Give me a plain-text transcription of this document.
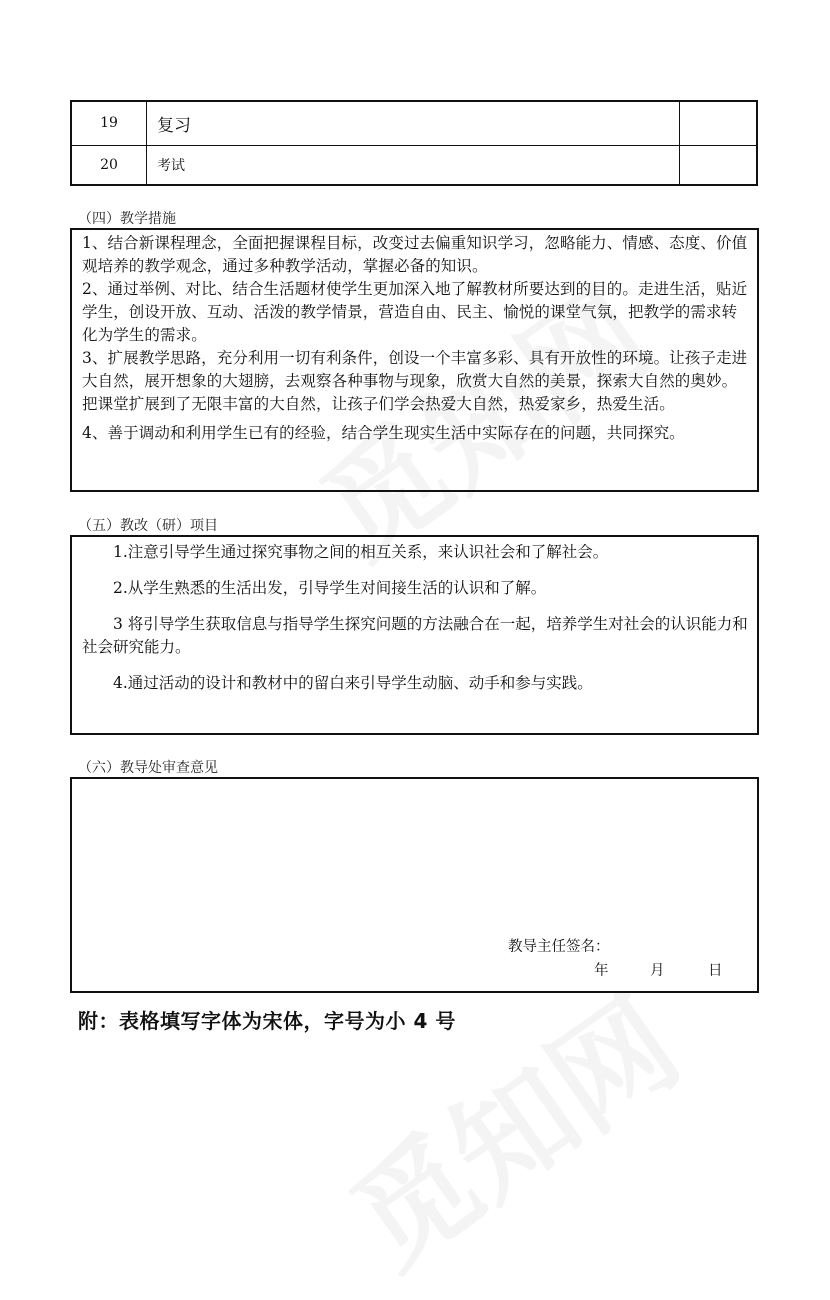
19	复习	
20	考试	
（四）教学措施

1、结合新课程理念，全面把握课程目标，改变过去偏重知识学习，忽略能力、情感、态度、价值观培养的教学观念，通过多种教学活动，掌握必备的知识。

2、通过举例、对比、结合生活题材使学生更加深入地了解教材所要达到的目的。走进生活，贴近学生，创设开放、互动、活泼的教学情景，营造自由、民主、愉悦的课堂气氛，把教学的需求转化为学生的需求。

3、扩展教学思路，充分利用一切有利条件，创设一个丰富多彩、具有开放性的环境。让孩子走进大自然，展开想象的大翅膀，去观察各种事物与现象，欣赏大自然的美景，探索大自然的奥妙。把课堂扩展到了无限丰富的大自然，让孩子们学会热爱大自然，热爱家乡，热爱生活。

4、善于调动和利用学生已有的经验，结合学生现实生活中实际存在的问题，共同探究。

（五）教改（研）项目

1.注意引导学生通过探究事物之间的相互关系，来认识社会和了解社会。

2.从学生熟悉的生活出发，引导学生对间接生活的认识和了解。

3 将引导学生获取信息与指导学生探究问题的方法融合在一起，培养学生对社会的认识能力和社会研究能力。

4.通过活动的设计和教材中的留白来引导学生动脑、动手和参与实践。

（六）教导处审查意见
教导主任签名：
年	月	日
附：表格填写字体为宋体，字号为小 4 号
